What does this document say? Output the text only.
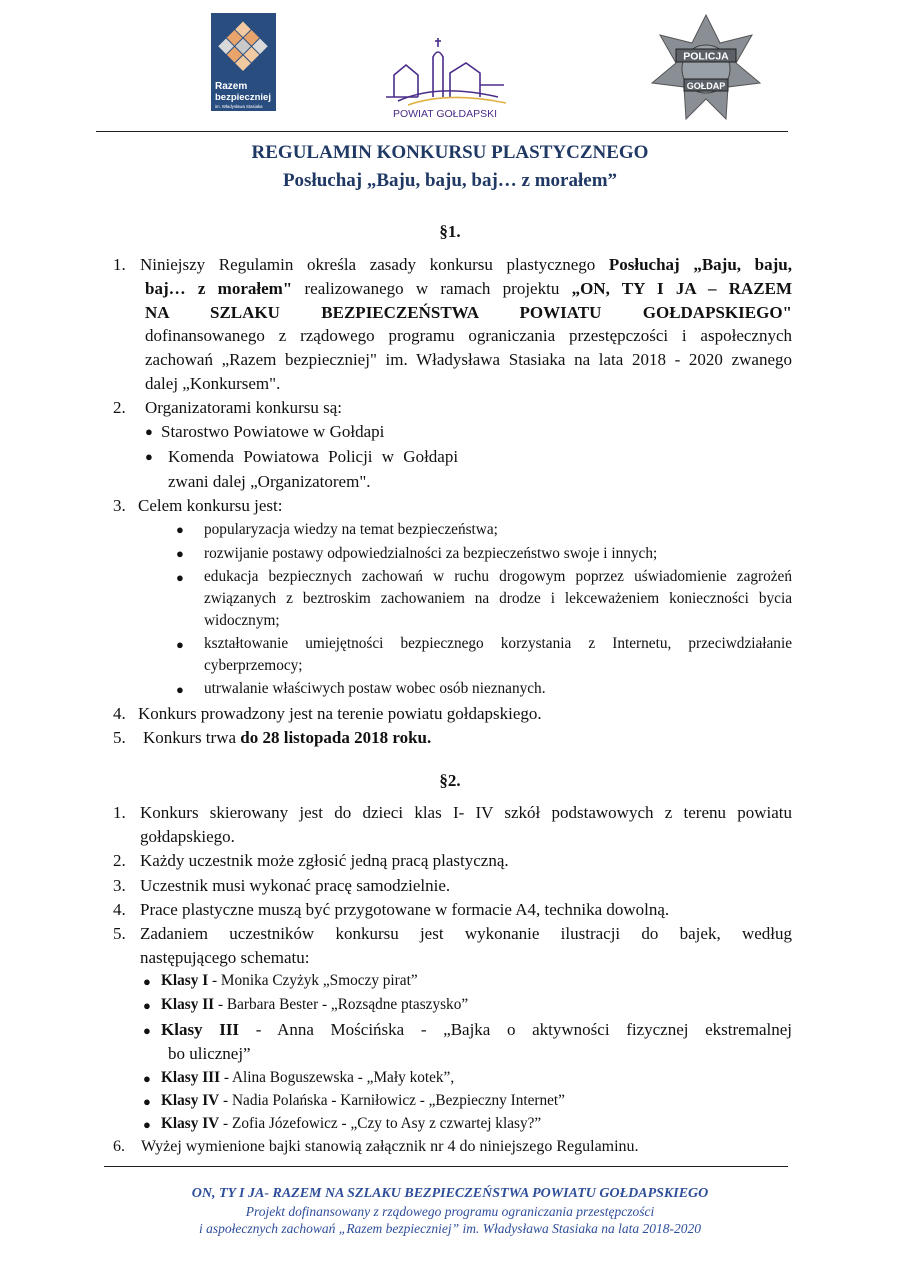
Razem
bezpieczniej
im. Władysława Stasiaka
POWIAT GOŁDAPSKI
POLICJA
GOŁDAP
REGULAMIN KONKURSU PLASTYCZNEGO
Posłuchaj „Baju, baju, baj… z morałem”
§1.
1. Niniejszy Regulamin określa zasady konkursu plastycznego Posłuchaj „Baju, baju,
baj… z morałem" realizowanego w ramach projektu „ON, TY I JA – RAZEM
NA SZLAKU BEZPIECZEŃSTWA POWIATU GOŁDAPSKIEGO"
dofinansowanego z rządowego programu ograniczania przestępczości i aspołecznych
zachowań „Razem bezpieczniej" im. Władysława Stasiaka na lata 2018 - 2020 zwanego
dalej „Konkursem".
2. Organizatorami konkursu są:
● Starostwo Powiatowe w Gołdapi
● Komenda Powiatowa Policji w Gołdapi
zwani dalej „Organizatorem".
3. Celem konkursu jest:
● popularyzacja wiedzy na temat bezpieczeństwa;
● rozwijanie postawy odpowiedzialności za bezpieczeństwo swoje i innych;
● edukacja bezpiecznych zachowań w ruchu drogowym poprzez uświadomienie zagrożeń
związanych z beztroskim zachowaniem na drodze i lekceważeniem konieczności bycia
widocznym;
● kształtowanie umiejętności bezpiecznego korzystania z Internetu, przeciwdziałanie
cyberprzemocy;
● utrwalanie właściwych postaw wobec osób nieznanych.
4. Konkurs prowadzony jest na terenie powiatu gołdapskiego.
5. Konkurs trwa do 28 listopada 2018 roku.
§2.
1. Konkurs skierowany jest do dzieci klas I- IV szkół podstawowych z terenu powiatu
gołdapskiego.
2. Każdy uczestnik może zgłosić jedną pracą plastyczną.
3. Uczestnik musi wykonać pracę samodzielnie.
4. Prace plastyczne muszą być przygotowane w formacie A4, technika dowolną.
5. Zadaniem uczestników konkursu jest wykonanie ilustracji do bajek, według
następującego schematu:
● Klasy I - Monika Czyżyk „Smoczy pirat”
● Klasy II - Barbara Bester - „Rozsądne ptaszysko”
● Klasy III - Anna Mościńska - „Bajka o aktywności fizycznej ekstremalnej
bo ulicznej”
● Klasy III - Alina Boguszewska - „Mały kotek”,
● Klasy IV - Nadia Polańska - Karniłowicz - „Bezpieczny Internet”
● Klasy IV - Zofia Józefowicz - „Czy to Asy z czwartej klasy?”
6. Wyżej wymienione bajki stanowią załącznik nr 4 do niniejszego Regulaminu.
ON, TY I JA- RAZEM NA SZLAKU BEZPIECZEŃSTWA POWIATU GOŁDAPSKIEGO
Projekt dofinansowany z rządowego programu ograniczania przestępczości
i aspołecznych zachowań „Razem bezpieczniej” im. Władysława Stasiaka na lata 2018-2020
